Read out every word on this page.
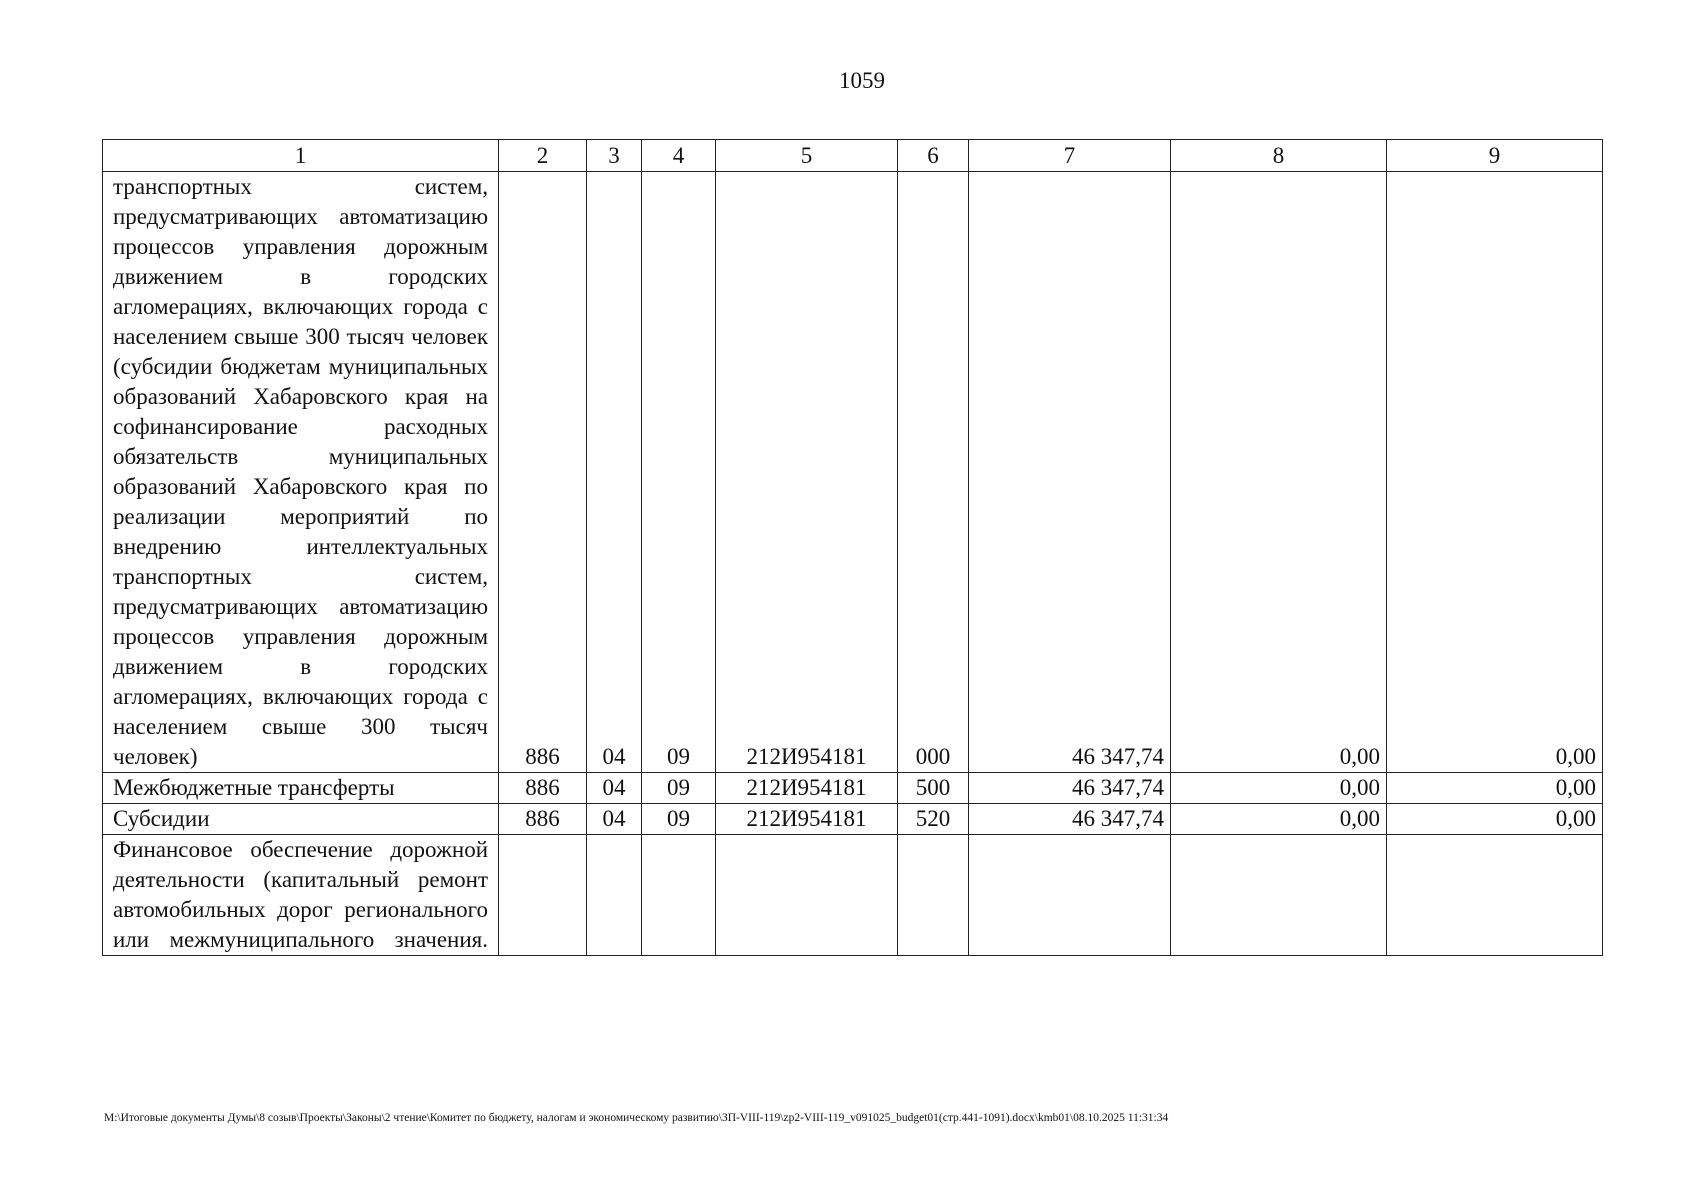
1059
1	2	3	4	5	6	7	8	9
транспортных систем, предусматривающих автоматизацию процессов управления дорожным движением в городских агломерациях, включающих города с населением свыше 300 тысяч человек (субсидии бюджетам муниципальных образований Хабаровского края на софинансирование расходных обязательств муниципальных образований Хабаровского края по реализации мероприятий по внедрению интеллектуальных транспортных систем, предусматривающих автоматизацию процессов управления дорожным движением в городских агломерациях, включающих города с населением свыше 300 тысяч человек)	886	04	09	212И954181	000	46 347,74	0,00	0,00
Межбюджетные трансферты	886	04	09	212И954181	500	46 347,74	0,00	0,00
Субсидии	886	04	09	212И954181	520	46 347,74	0,00	0,00
Финансовое обеспечение дорожной деятельности (капитальный ремонт автомобильных дорог регионального или межмуниципального значения.								
М:\Итоговые документы Думы\8 созыв\Проекты\Законы\2 чтение\Комитет по бюджету, налогам и экономическому развитию\ЗП-VIII-119\zp2-VIII-119_v091025_budget01(стр.441-1091).docx\kmb01\08.10.2025 11:31:34
